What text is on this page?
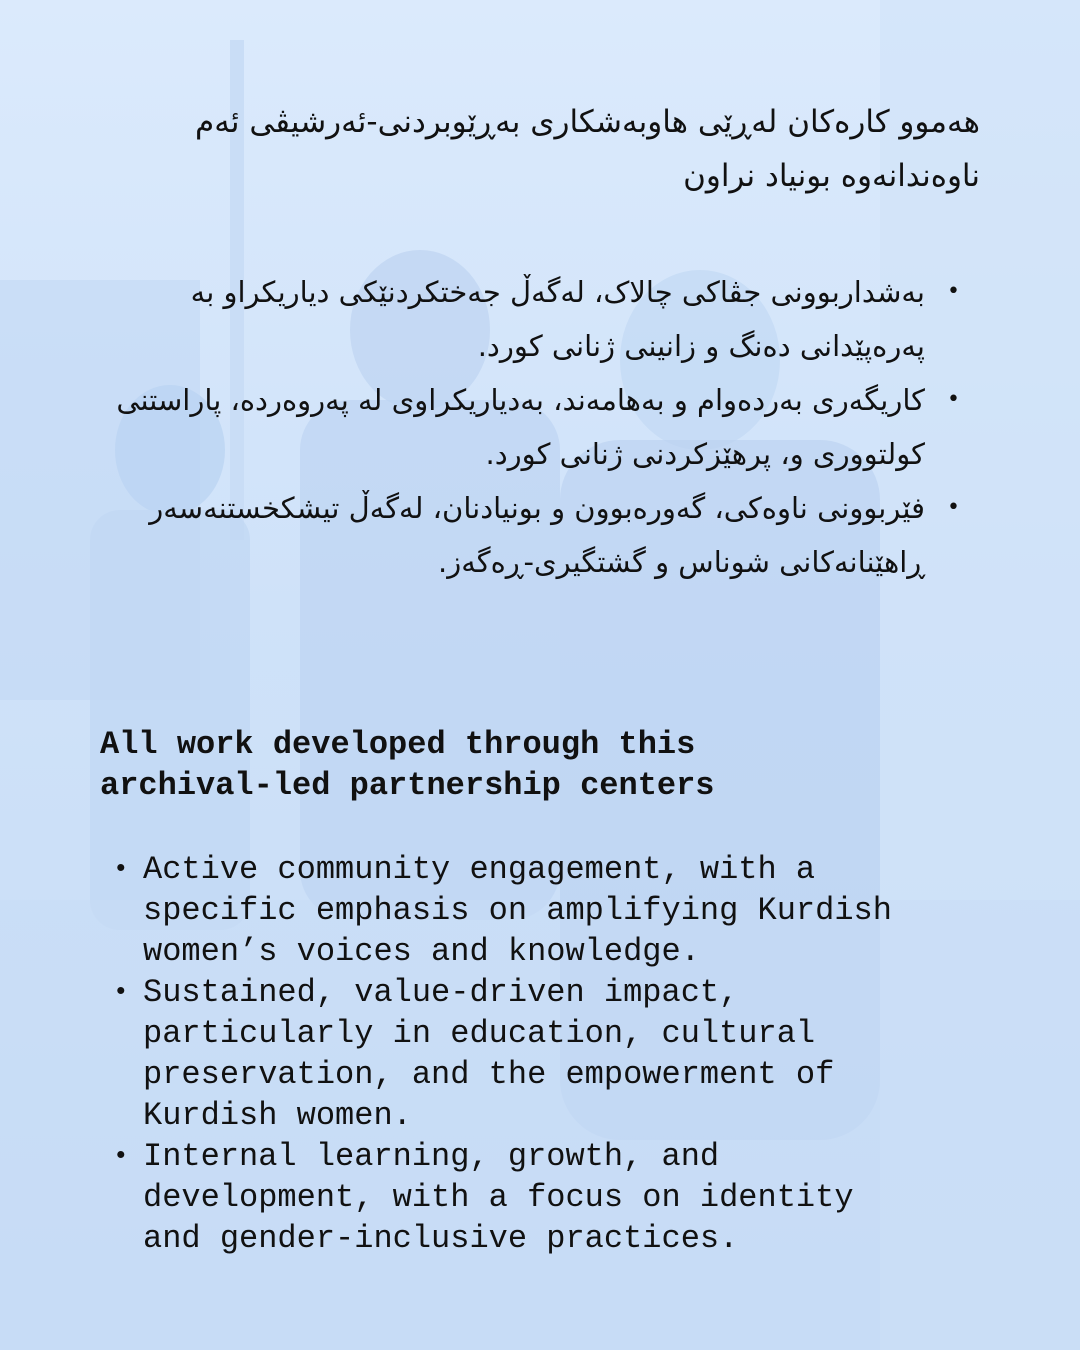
هەموو کارەکان لەڕێی هاوبەشکاری بەڕێوبردنی-ئەرشیڤی ئەم ناوەندانەوە بونیاد نراون
•
بەشداربوونی جڤاکی چالاک، لەگەڵ جەختکردنێکی دیاریکراو بە پەرەپێدانی دەنگ و زانینی ژنانی کورد.
•
کاریگەری بەردەوام و بەهامەند، بەدیاریکراوی لە پەروەردە، پاراستنی کولتووری و، پرهێزکردنی ژنانی کورد.
•
فێربوونی ناوەکی، گەورەبوون و بونیادنان، لەگەڵ تیشکخستنەسەر ڕاهێنانەکانی شوناس و گشتگیری-ڕەگەز.
All work developed through this archival-led partnership centers
• Active community engagement, with a specific emphasis on amplifying Kurdish women’s voices and knowledge.
• Sustained, value-driven impact, particularly in education, cultural preservation, and the empowerment of Kurdish women.
• Internal learning, growth, and development, with a focus on identity and gender-inclusive practices.
